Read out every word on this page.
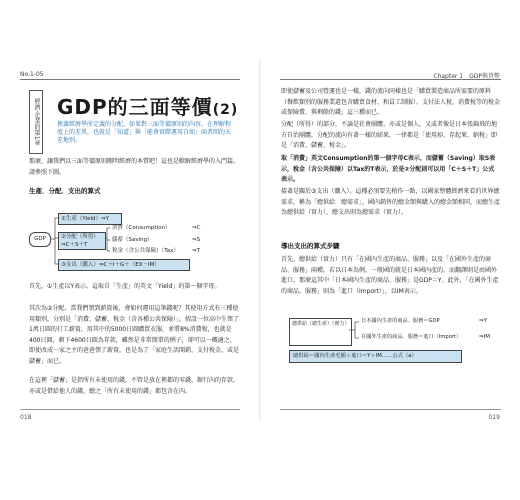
No.1-05
經濟‧企業的第1章 GDP的三面等價(2)
狹義經濟學所定義的分配，如果對三面等價原則的內容，在理解程度上的差異，也就是「知道」與「能會實際運用自如」兩者間的天差地別。
那麼，讓我們以三面等價原則闡明經濟的本質吧！這也是瞭解經濟學的入門篇，請參照下圖。
生產．分配．支出的算式
GDP
①生產（Yield）⇒Y
②分配（所得）
⇒C＋S＋T
③支出（購入）⇒C＋I＋G＋（EX－IM）
消費（Consumption）	⇒C
儲蓄（Saving）	⇒S
稅金（含公共保險）（Tax） ⇒T
首先，①生產以Y表示。這取自「生產」的英文「Yield」的第一個字母。
其次為②分配。當我們領到薪資後，會如何運用這筆錢呢？其使用方式有三種使用類別，分別是「消費、儲蓄、稅金（含各種公共保險）」。假設一位高中生領了1萬日圓的打工薪資，用其中的5000日圓購買衣服，並將8%消費稅，也就是400日圓，剩下4600日圓為存款，雖然是非常簡單的例子，卻可以一概適之，即使改成一家之主的爸爸領了薪資，也是為了「家庭生活開銷、支付稅金、或是儲蓄」而已。
在這裡「儲蓄」是指所有未使用的錢，不管是放在裡都的零錢、銀行內的存款、亦或是借給他人的錢，總之「所有未使用的錢」都包含在內。
018
Chapter 1　GDP與貨幣
即使儲蓄及公司營運也是一樣，錢的流向同樣也是「購買製造商品所需要的原料（餐飲類別的服務業還包含購買食材、和員工制服）、支付法人稅、消費稅等的稅金或保險費，與剩餘的錢」這三種而已。
分配（所得）的部分，不論是社會團體、亦或是個人，又或者像是日本張錦飛的地方自治團體，分配的流向有著一樣的結果，一律都是「使用掉、存起來、納稅」即是「消費、儲蓄、稅金」。
取「消費」英文Consumption的第一個字母C表示，而儲蓄（Saving）取S表示，稅金（含公共保險）以Tax的T表示，於是②分配則可以用「C＋S＋T」公式表示。
接著是關於③支出（購入）。這種必須要先稍作一點，以國家整體經濟來看的世界總需求，稱為「總供給．總需求」，國內銷售的總金額與購入的總金額相同，而總生產為總供給（實力），總支出則為總需求（實力）。
導出支出的算式步驟
首先，總供給（實力）只有「在國內生產的商品、服務」以及「在國外生產的商品、服務」兩種。若以日本為例，一般國的就是日本國內產的，而翻譯則是由國外進口。那麼這其中「日本國內生產的商品、服務」是GDP＝Y。此外，「在國外生產的商品、服務」則為「進口（Import）」，以IM表示。
總供給（總生產）（實力）	日本國內生產的商品、服務＝GDP	⇒Y
在國外生產的商品、服務＝進口（Import）	⇒IM
總供給＝國內生產毛額＋進口＝Y＋IM……公式（a）
019
